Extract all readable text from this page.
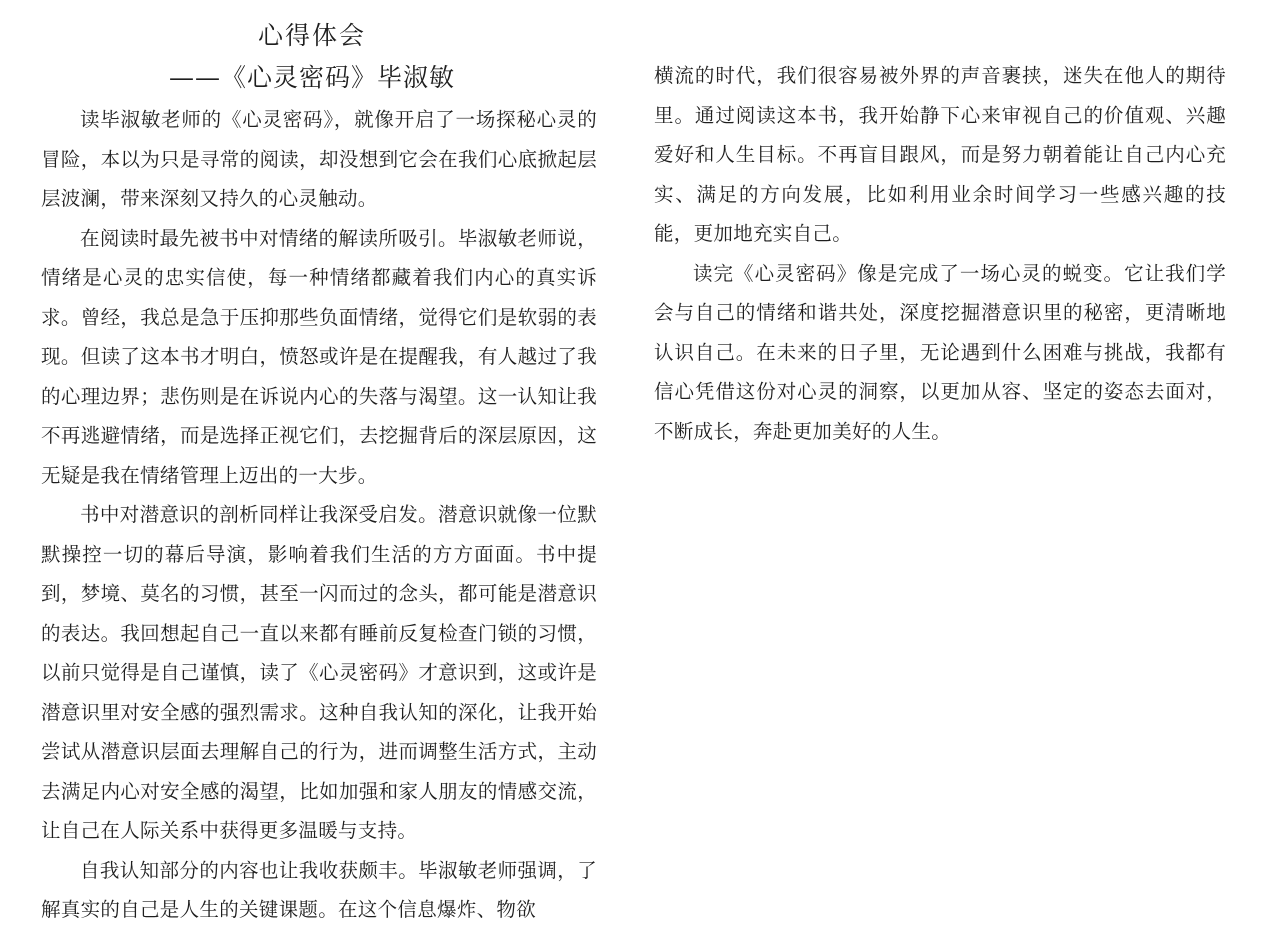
心得体会
——《心灵密码》毕淑敏

读毕淑敏老师的《心灵密码》，就像开启了一场探秘心灵的冒险，本以为只是寻常的阅读，却没想到它会在我们心底掀起层层波澜，带来深刻又持久的心灵触动。

在阅读时最先被书中对情绪的解读所吸引。毕淑敏老师说，情绪是心灵的忠实信使，每一种情绪都藏着我们内心的真实诉求。曾经，我总是急于压抑那些负面情绪，觉得它们是软弱的表现。但读了这本书才明白，愤怒或许是在提醒我，有人越过了我的心理边界；悲伤则是在诉说内心的失落与渴望。这一认知让我不再逃避情绪，而是选择正视它们，去挖掘背后的深层原因，这无疑是我在情绪管理上迈出的一大步。

书中对潜意识的剖析同样让我深受启发。潜意识就像一位默默操控一切的幕后导演，影响着我们生活的方方面面。书中提到，梦境、莫名的习惯，甚至一闪而过的念头，都可能是潜意识的表达。我回想起自己一直以来都有睡前反复检查门锁的习惯，以前只觉得是自己谨慎，读了《心灵密码》才意识到，这或许是潜意识里对安全感的强烈需求。这种自我认知的深化，让我开始尝试从潜意识层面去理解自己的行为，进而调整生活方式，主动去满足内心对安全感的渴望，比如加强和家人朋友的情感交流，让自己在人际关系中获得更多温暖与支持。

自我认知部分的内容也让我收获颇丰。毕淑敏老师强调，了解真实的自己是人生的关键课题。在这个信息爆炸、物欲

横流的时代，我们很容易被外界的声音裹挟，迷失在他人的期待里。通过阅读这本书，我开始静下心来审视自己的价值观、兴趣爱好和人生目标。不再盲目跟风，而是努力朝着能让自己内心充实、满足的方向发展，比如利用业余时间学习一些感兴趣的技能，更加地充实自己。

读完《心灵密码》像是完成了一场心灵的蜕变。它让我们学会与自己的情绪和谐共处，深度挖掘潜意识里的秘密，更清晰地认识自己。在未来的日子里，无论遇到什么困难与挑战，我都有信心凭借这份对心灵的洞察，以更加从容、坚定的姿态去面对，不断成长，奔赴更加美好的人生。
